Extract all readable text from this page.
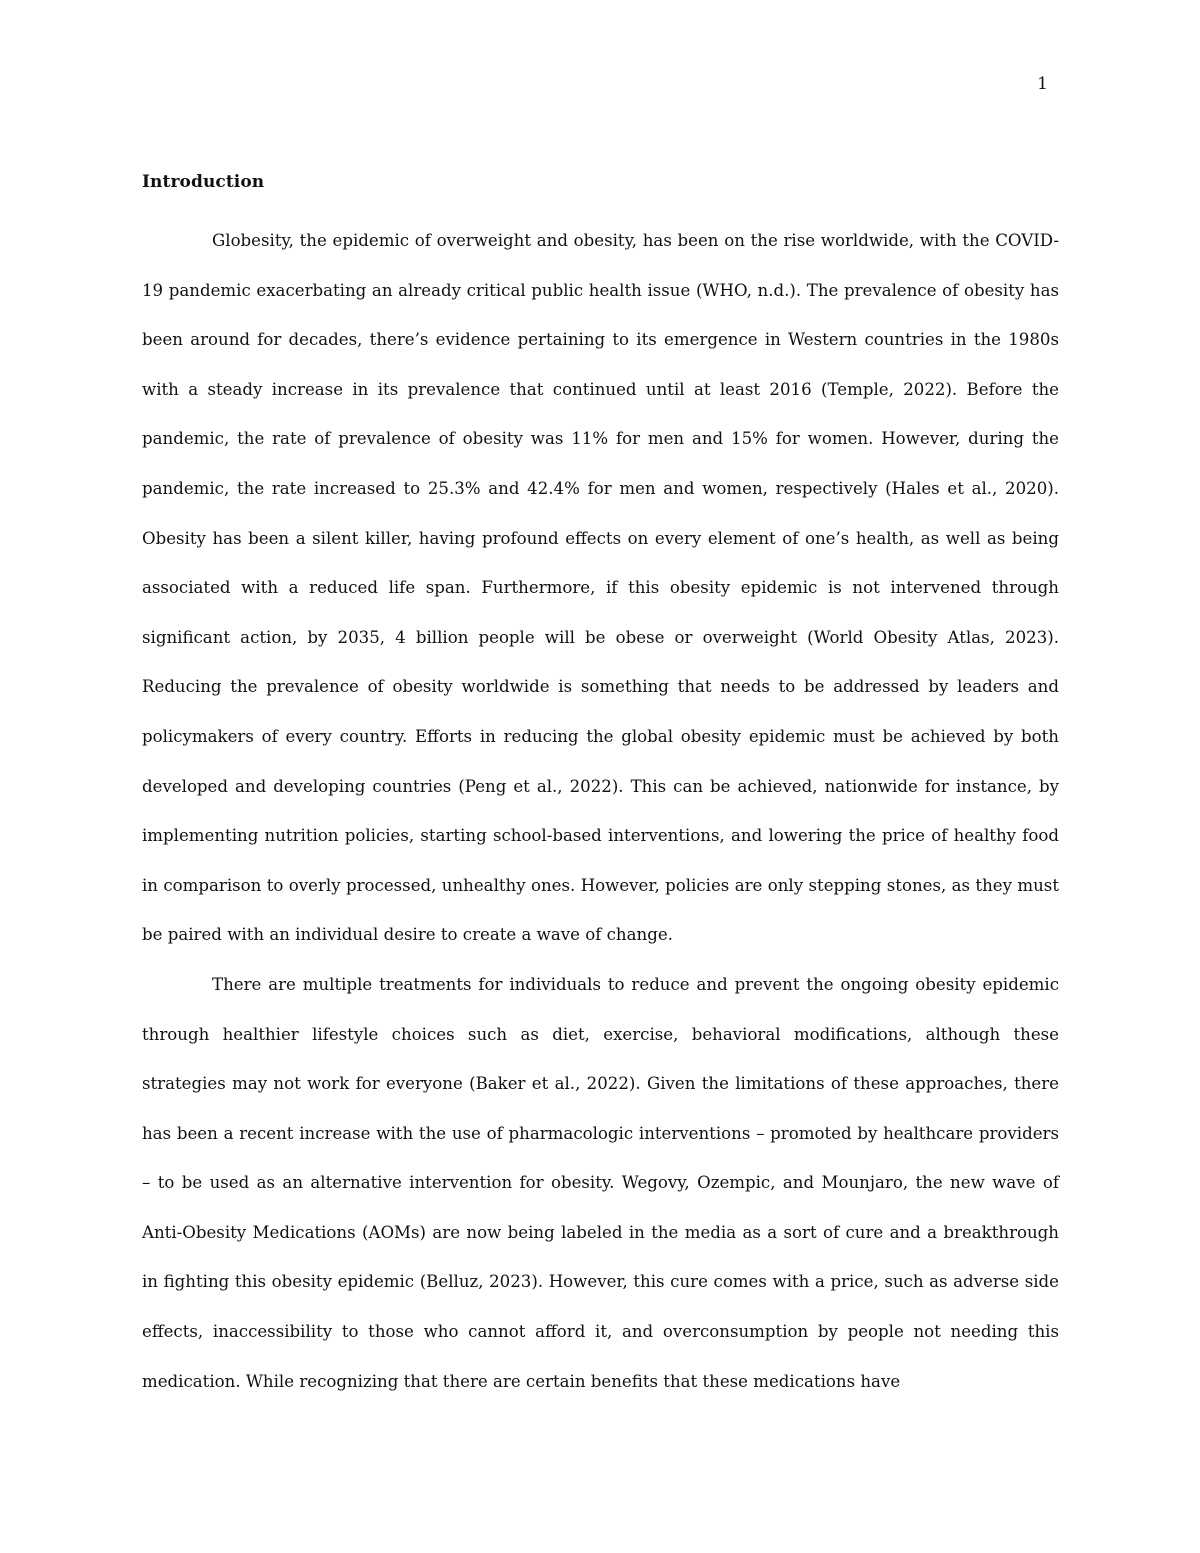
1
Introduction

Globesity, the epidemic of overweight and obesity, has been on the rise worldwide, with the COVID-19 pandemic exacerbating an already critical public health issue (WHO, n.d.). The prevalence of obesity has been around for decades, there’s evidence pertaining to its emergence in Western countries in the 1980s with a steady increase in its prevalence that continued until at least 2016 (Temple, 2022). Before the pandemic, the rate of prevalence of obesity was 11% for men and 15% for women. However, during the pandemic, the rate increased to 25.3% and 42.4% for men and women, respectively (Hales et al., 2020). Obesity has been a silent killer, having profound effects on every element of one’s health, as well as being associated with a reduced life span. Furthermore, if this obesity epidemic is not intervened through significant action, by 2035, 4 billion people will be obese or overweight (World Obesity Atlas, 2023). Reducing the prevalence of obesity worldwide is something that needs to be addressed by leaders and policymakers of every country. Efforts in reducing the global obesity epidemic must be achieved by both developed and developing countries (Peng et al., 2022). This can be achieved, nationwide for instance, by implementing nutrition policies, starting school-based interventions, and lowering the price of healthy food in comparison to overly processed, unhealthy ones. However, policies are only stepping stones, as they must be paired with an individual desire to create a wave of change.

There are multiple treatments for individuals to reduce and prevent the ongoing obesity epidemic through healthier lifestyle choices such as diet, exercise, behavioral modifications, although these strategies may not work for everyone (Baker et al., 2022). Given the limitations of these approaches, there has been a recent increase with the use of pharmacologic interventions – promoted by healthcare providers – to be used as an alternative intervention for obesity. Wegovy, Ozempic, and Mounjaro, the new wave of Anti-Obesity Medications (AOMs) are now being labeled in the media as a sort of cure and a breakthrough in fighting this obesity epidemic (Belluz, 2023). However, this cure comes with a price, such as adverse side effects, inaccessibility to those who cannot afford it, and overconsumption by people not needing this medication. While recognizing that there are certain benefits that these medications have
